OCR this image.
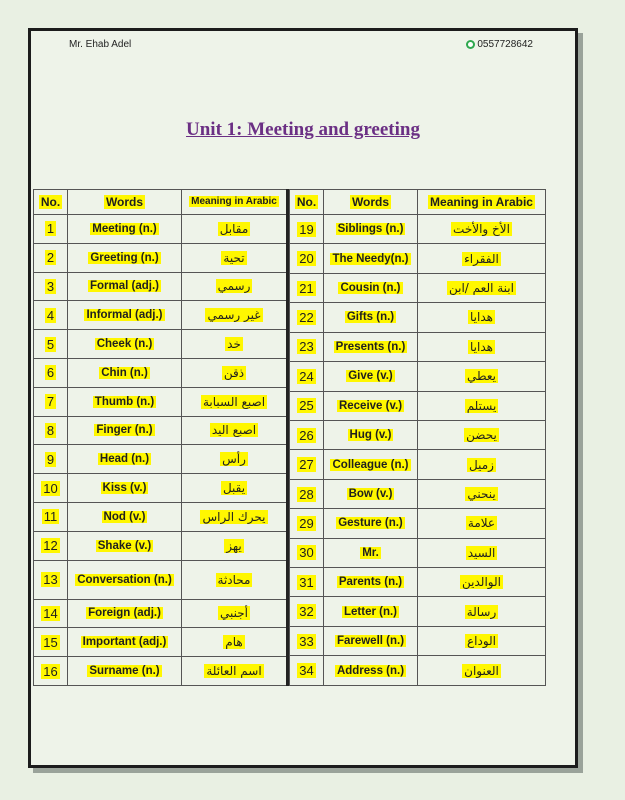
Mr. Ehab Adel	0557728642
Unit 1: Meeting and greeting
No.	Words	Meaning in Arabic
1	Meeting (n.)	مقابل
2	Greeting (n.)	تحية
3	Formal (adj.)	رسمي
4	Informal (adj.)	غير رسمي
5	Cheek (n.)	خد
6	Chin (n.)	ذقن
7	Thumb (n.)	اصبع السبابة
8	Finger (n.)	اصبع اليد
9	Head (n.)	رأس
10	Kiss (v.)	يقبل
11	Nod (v.)	يحرك الراس
12	Shake (v.)	يهز
13	Conversation (n.)	محادثة
14	Foreign (adj.)	أجنبي
15	Important (adj.)	هام
16	Surname (n.)	اسم العائلة
No.	Words	Meaning in Arabic
19	Siblings (n.)	الأخ والأخت
20	The Needy(n.)	الفقراء
21	Cousin (n.)	ابنة العم /ابن
22	Gifts (n.)	هدايا
23	Presents (n.)	هدايا
24	Give (v.)	يعطي
25	Receive (v.)	يستلم
26	Hug (v.)	يحضن
27	Colleague (n.)	زميل
28	Bow (v.)	ينحني
29	Gesture (n.)	علامة
30	Mr.	السيد
31	Parents (n.)	الوالدين
32	Letter (n.)	رسالة
33	Farewell (n.)	الوداع
34	Address (n.)	العنوان
